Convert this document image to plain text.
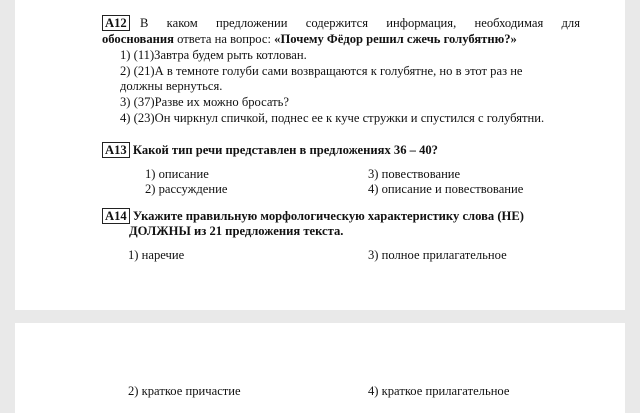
A12	В каком предложении содержится информация, необходимая для
обоснования ответа на вопрос: «Почему Фёдор решил сжечь голубятню?»
1) (11)Завтра будем рыть котлован.
2) (21)А в темноте голуби сами возвращаются к голубятне, но в этот раз не
должны вернуться.
3) (37)Разве их можно бросать?
4) (23)Он чиркнул спичкой, поднес ее к куче стружки и спустился с голубятни.
A13 Какой тип речи представлен в предложениях 36 – 40?
1) описание	3) повествование
2) рассуждение	4) описание и повествование
A14 Укажите правильную морфологическую характеристику слова (НЕ)
ДОЛЖНЫ из 21 предложения текста.
1) наречие	3) полное прилагательное
2) краткое причастие	4) краткое прилагательное
